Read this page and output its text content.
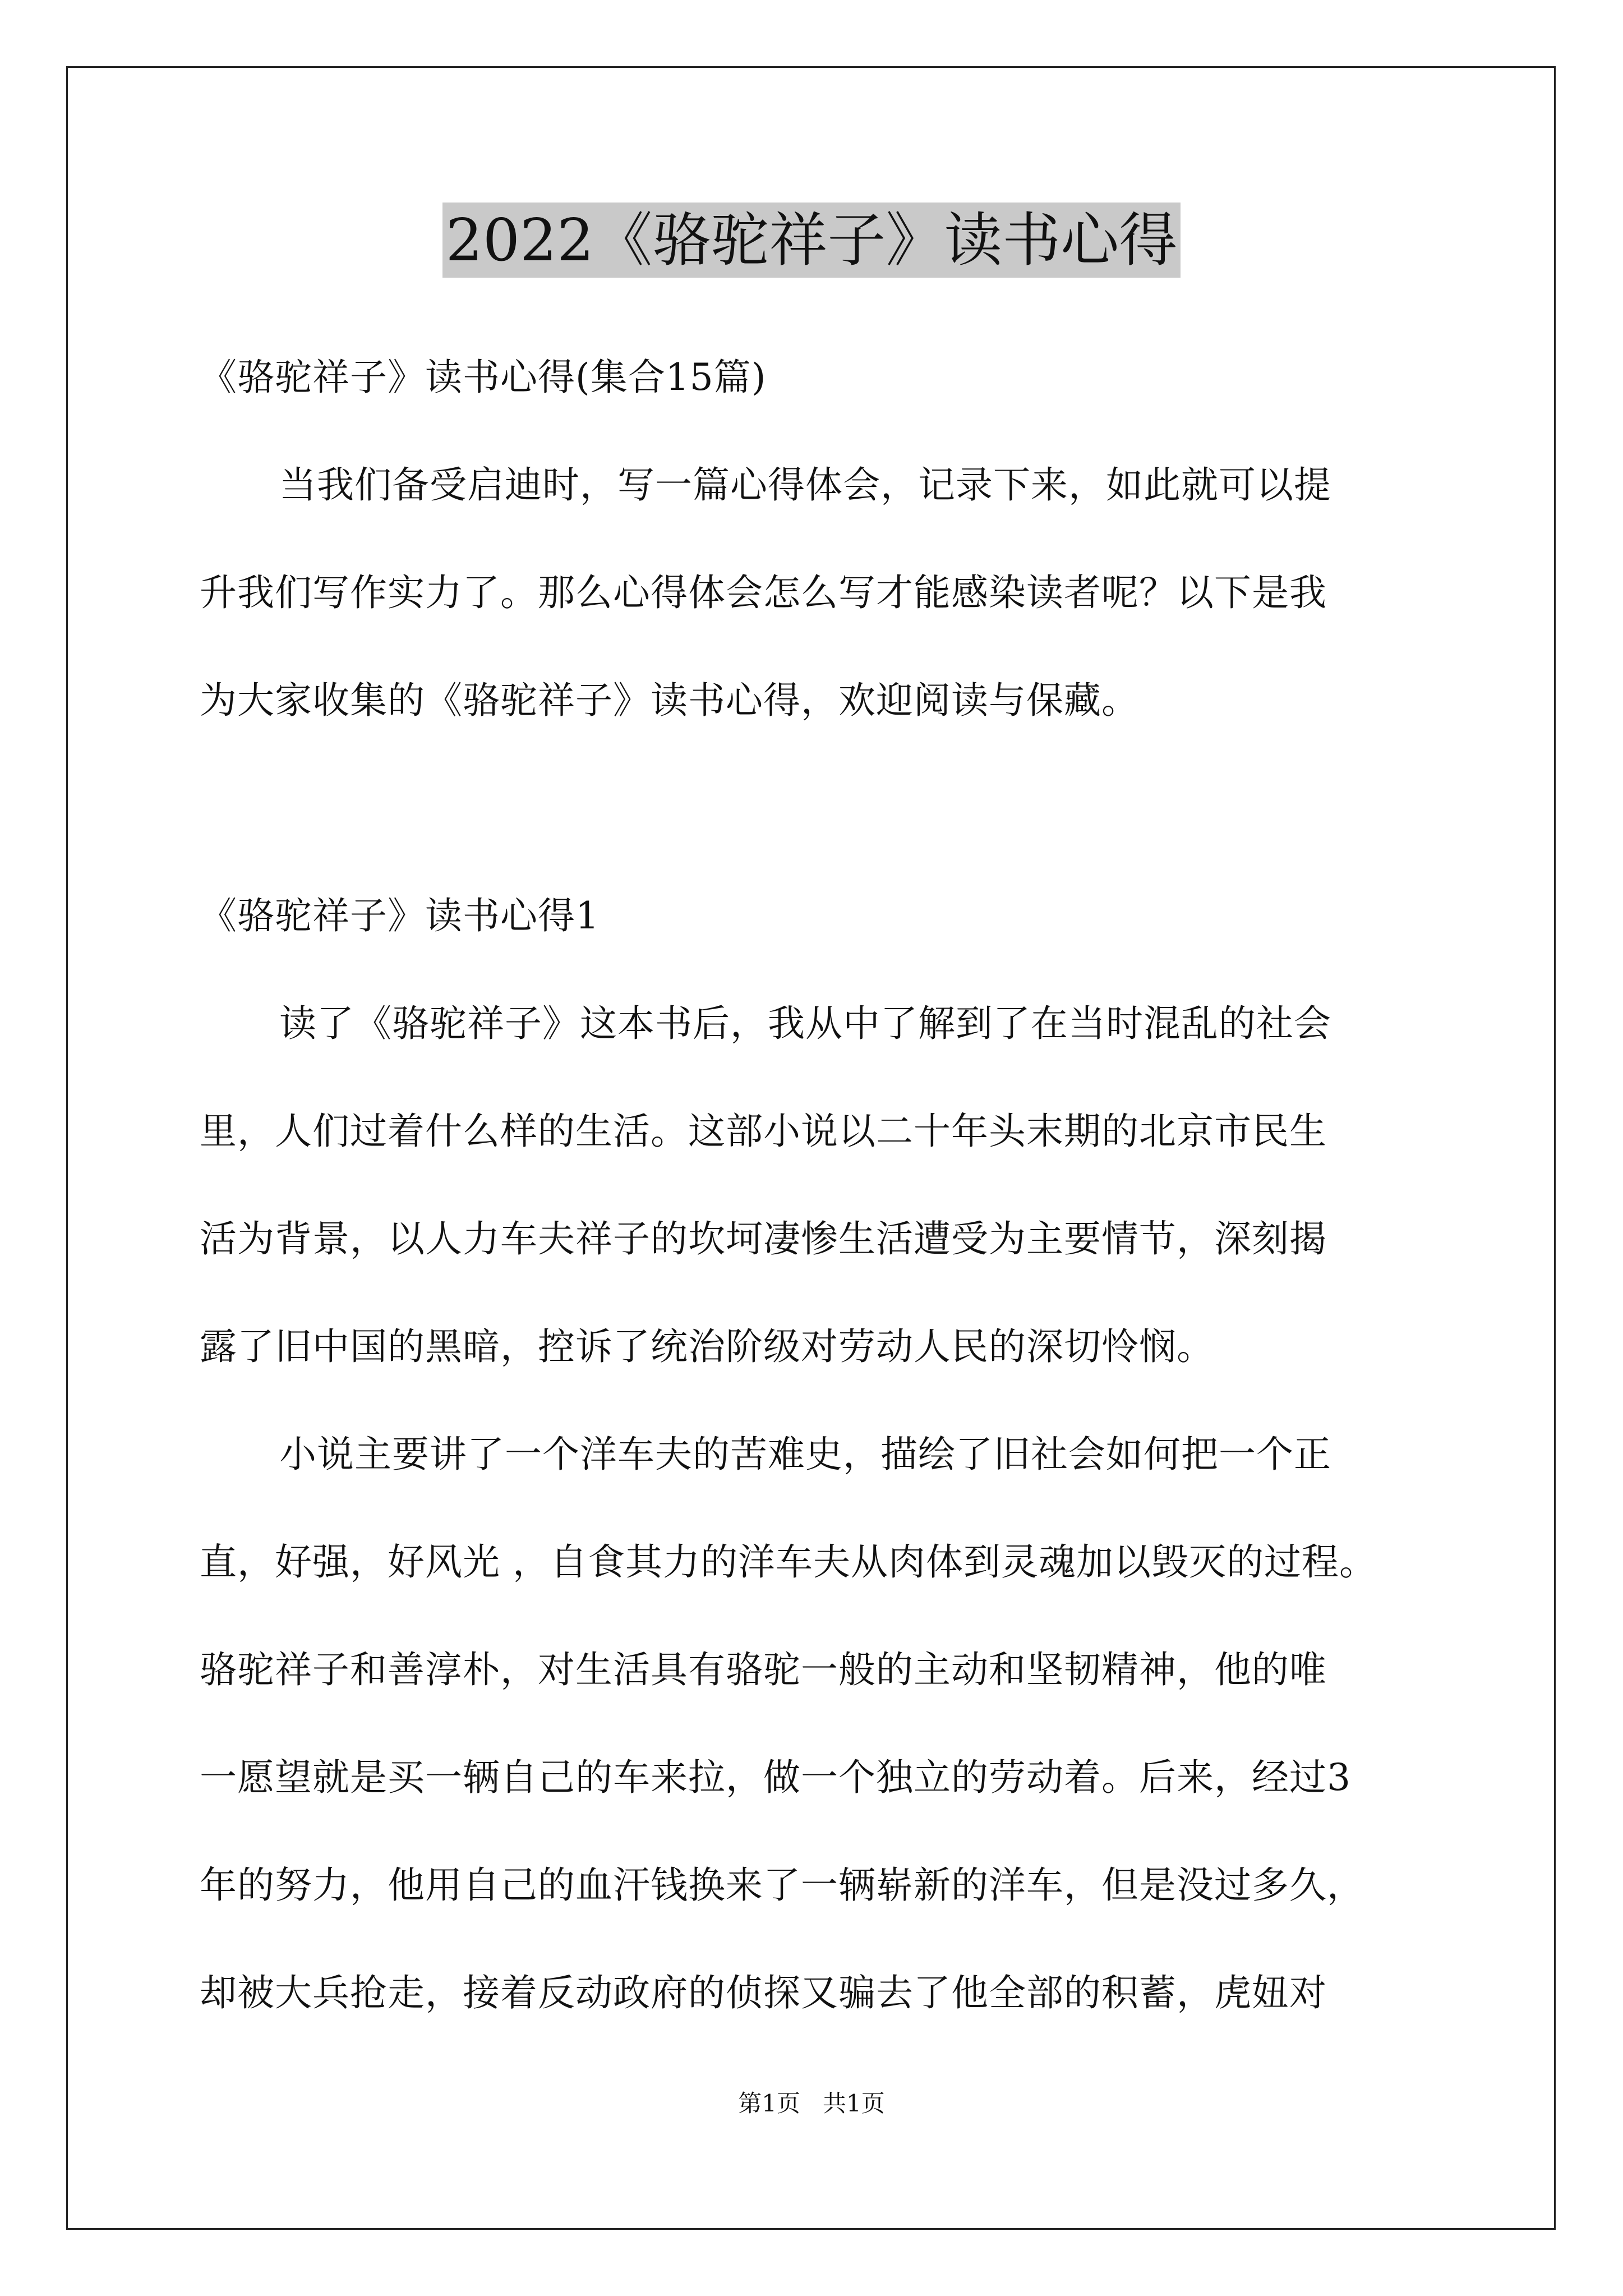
2022《骆驼祥子》读书心得
《骆驼祥子》读书心得(集合15篇)
当我们备受启迪时，写一篇心得体会，记录下来，如此就可以提
升我们写作实力了。那么心得体会怎么写才能感染读者呢？以下是我
为大家收集的《骆驼祥子》读书心得，欢迎阅读与保藏。
《骆驼祥子》读书心得1
读了《骆驼祥子》这本书后，我从中了解到了在当时混乱的社会
里，人们过着什么样的生活。这部小说以二十年头末期的北京市民生
活为背景，以人力车夫祥子的坎坷凄惨生活遭受为主要情节，深刻揭
露了旧中国的黑暗，控诉了统治阶级对劳动人民的深切怜悯。
小说主要讲了一个洋车夫的苦难史，描绘了旧社会如何把一个正
直，好强，好风光 ，自食其力的洋车夫从肉体到灵魂加以毁灭的过程。
骆驼祥子和善淳朴，对生活具有骆驼一般的主动和坚韧精神，他的唯
一愿望就是买一辆自己的车来拉，做一个独立的劳动着。后来，经过3
年的努力，他用自己的血汗钱换来了一辆崭新的洋车，但是没过多久，
却被大兵抢走，接着反动政府的侦探又骗去了他全部的积蓄，虎妞对
第1页   共1页
